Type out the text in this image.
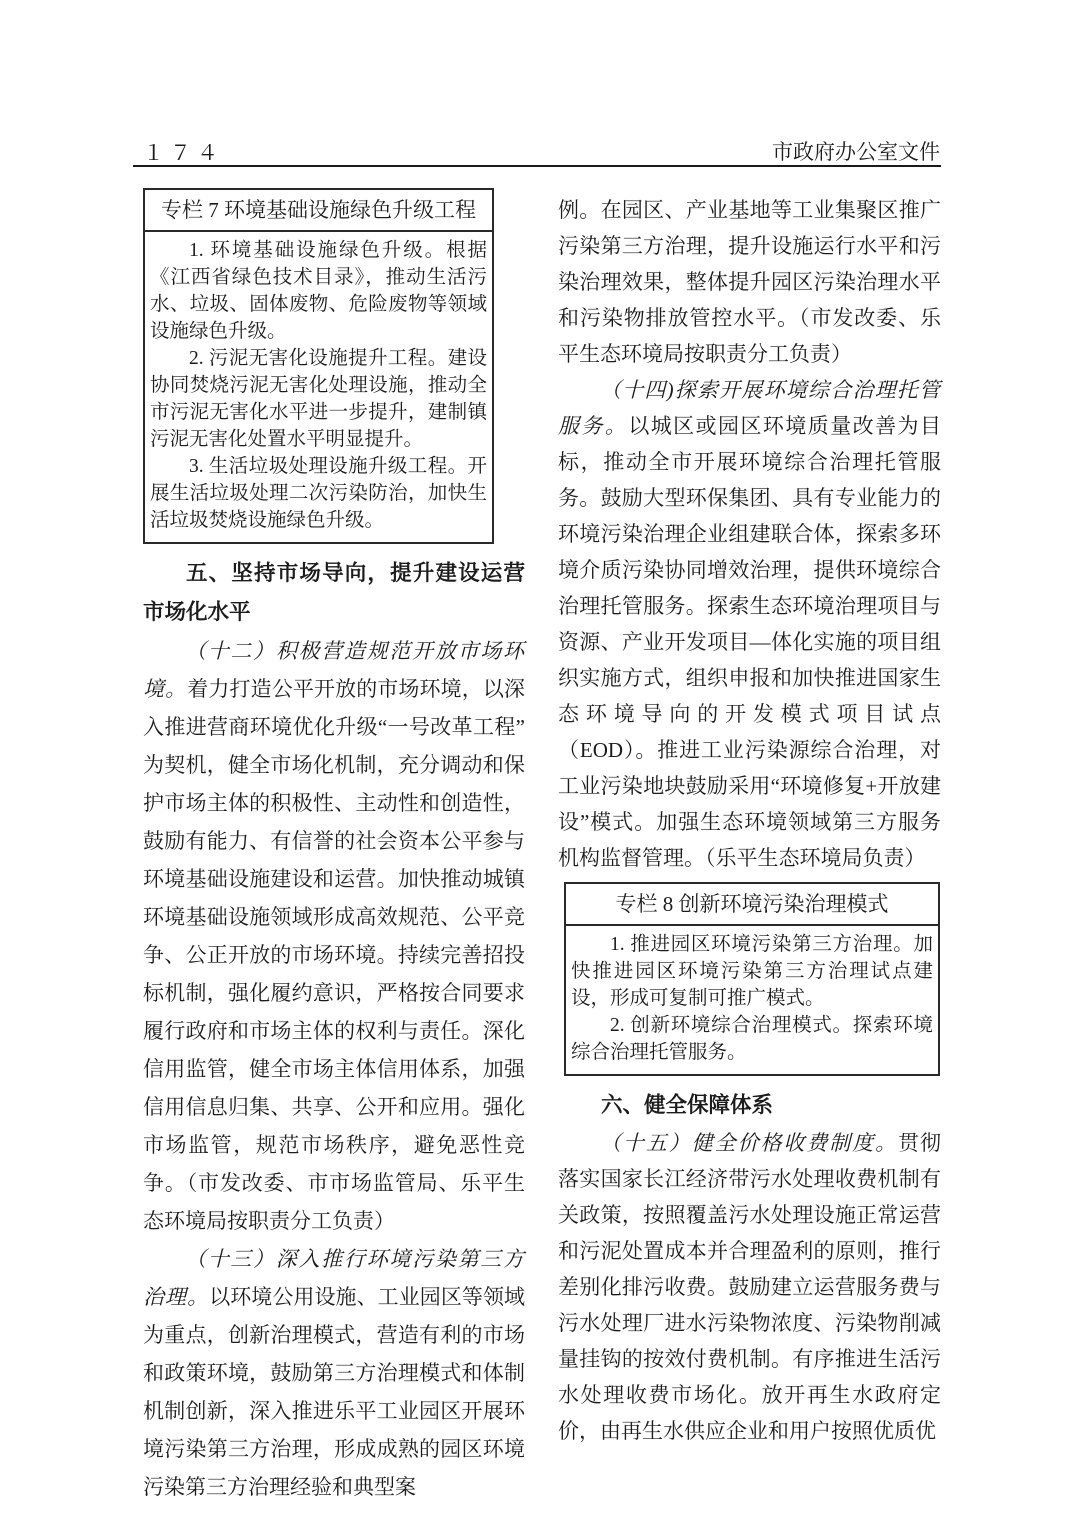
１７４	市政府办公室文件
专栏 7 环境基础设施绿色升级工程

1. 环境基础设施绿色升级。根据《江西省绿色技术目录》，推动生活污水、垃圾、固体废物、危险废物等领域设施绿色升级。

2. 污泥无害化设施提升工程。建设协同焚烧污泥无害化处理设施，推动全市污泥无害化水平进一步提升，建制镇污泥无害化处置水平明显提升。

3. 生活垃圾处理设施升级工程。开展生活垃圾处理二次污染防治，加快生活垃圾焚烧设施绿色升级。

五、坚持市场导向，提升建设运营市场化水平

（十二）积极营造规范开放市场环境。着力打造公平开放的市场环境，以深入推进营商环境优化升级“一号改革工程”为契机，健全市场化机制，充分调动和保护市场主体的积极性、主动性和创造性，鼓励有能力、有信誉的社会资本公平参与环境基础设施建设和运营。加快推动城镇环境基础设施领域形成高效规范、公平竞争、公正开放的市场环境。持续完善招投标机制，强化履约意识，严格按合同要求履行政府和市场主体的权利与责任。深化信用监管，健全市场主体信用体系，加强信用信息归集、共享、公开和应用。强化市场监管，规范市场秩序，避免恶性竞争。（市发改委、市市场监管局、乐平生态环境局按职责分工负责）

（十三）深入推行环境污染第三方治理。以环境公用设施、工业园区等领域为重点，创新治理模式，营造有利的市场和政策环境，鼓励第三方治理模式和体制机制创新，深入推进乐平工业园区开展环境污染第三方治理，形成成熟的园区环境污染第三方治理经验和典型案

例。在园区、产业基地等工业集聚区推广污染第三方治理，提升设施运行水平和污染治理效果，整体提升园区污染治理水平和污染物排放管控水平。（市发改委、乐平生态环境局按职责分工负责）

（十四)探索开展环境综合治理托管服务。以城区或园区环境质量改善为目标，推动全市开展环境综合治理托管服务。鼓励大型环保集团、具有专业能力的环境污染治理企业组建联合体，探索多环境介质污染协同增效治理，提供环境综合治理托管服务。探索生态环境治理项目与资源、产业开发项目—体化实施的项目组织实施方式，组织申报和加快推进国家生态环境导向的开发模式项目试点（EOD）。推进工业污染源综合治理，对工业污染地块鼓励采用“环境修复+开放建设”模式。加强生态环境领域第三方服务机构监督管理。（乐平生态环境局负责）

专栏 8 创新环境污染治理模式

1. 推进园区环境污染第三方治理。加快推进园区环境污染第三方治理试点建设，形成可复制可推广模式。

2. 创新环境综合治理模式。探索环境综合治理托管服务。

六、健全保障体系

（十五）健全价格收费制度。贯彻落实国家长江经济带污水处理收费机制有关政策，按照覆盖污水处理设施正常运营和污泥处置成本并合理盈利的原则，推行差别化排污收费。鼓励建立运营服务费与污水处理厂进水污染物浓度、污染物削减量挂钩的按效付费机制。有序推进生活污水处理收费市场化。放开再生水政府定价，由再生水供应企业和用户按照优质优
